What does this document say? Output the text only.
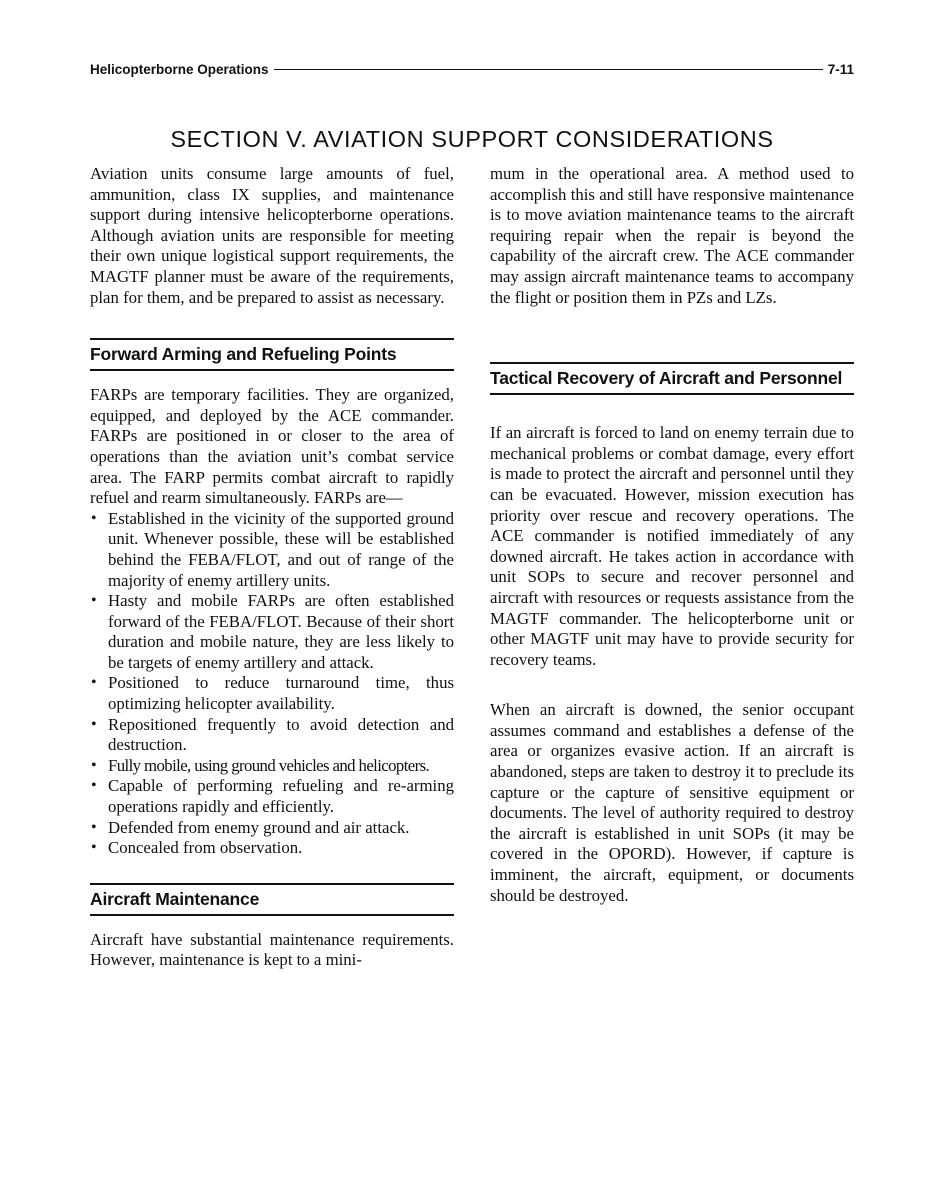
Helicopterborne Operations	7-11
SECTION V. AVIATION SUPPORT CONSIDERATIONS

Aviation units consume large amounts of fuel, ammunition, class IX supplies, and maintenance support during intensive helicopterborne operations. Although aviation units are responsible for meeting their own unique logistical support requirements, the MAGTF planner must be aware of the requirements, plan for them, and be prepared to assist as necessary.

Forward Arming and Refueling Points

FARPs are temporary facilities. They are organized, equipped, and deployed by the ACE commander. FARPs are positioned in or closer to the area of operations than the aviation unit’s combat service area. The FARP permits combat aircraft to rapidly refuel and rearm simultaneously. FARPs are—

• Established in the vicinity of the supported ground unit. Whenever possible, these will be established behind the FEBA/FLOT, and out of range of the majority of enemy artillery units.
• Hasty and mobile FARPs are often established forward of the FEBA/FLOT. Because of their short duration and mobile nature, they are less likely to be targets of enemy artillery and attack.
• Positioned to reduce turnaround time, thus optimizing helicopter availability.
• Repositioned frequently to avoid detection and destruction.
• Fully mobile, using ground vehicles and helicopters.
• Capable of performing refueling and re-arming operations rapidly and efficiently.
• Defended from enemy ground and air attack.
• Concealed from observation.
Aircraft Maintenance

Aircraft have substantial maintenance requirements. However, maintenance is kept to a mini-

mum in the operational area. A method used to accomplish this and still have responsive maintenance is to move aviation maintenance teams to the aircraft requiring repair when the repair is beyond the capability of the aircraft crew. The ACE commander may assign aircraft maintenance teams to accompany the flight or position them in PZs and LZs.

Tactical Recovery of Aircraft and Personnel

If an aircraft is forced to land on enemy terrain due to mechanical problems or combat damage, every effort is made to protect the aircraft and personnel until they can be evacuated. However, mission execution has priority over rescue and recovery operations. The ACE commander is notified immediately of any downed aircraft. He takes action in accordance with unit SOPs to secure and recover personnel and aircraft with resources or requests assistance from the MAGTF commander. The helicopterborne unit or other MAGTF unit may have to provide security for recovery teams.

When an aircraft is downed, the senior occupant assumes command and establishes a defense of the area or organizes evasive action. If an aircraft is abandoned, steps are taken to destroy it to preclude its capture or the capture of sensitive equipment or documents. The level of authority required to destroy the aircraft is established in unit SOPs (it may be covered in the OPORD). However, if capture is imminent, the aircraft, equipment, or documents should be destroyed.
